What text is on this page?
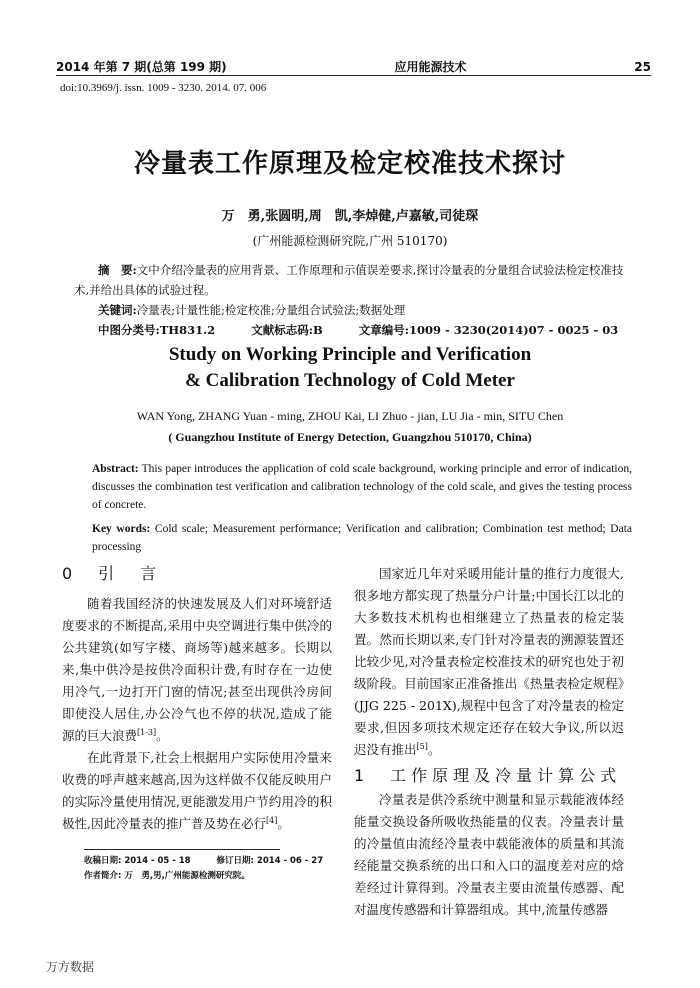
2014 年第 7 期(总第 199 期)	应用能源技术	25
doi:10.3969/j. issn. 1009 - 3230. 2014. 07. 006
冷量表工作原理及检定校准技术探讨
万　勇,张圆明,周　凯,李焯健,卢嘉敏,司徒琛
(广州能源检测研究院,广州 510170)
摘　要:文中介绍冷量表的应用背景、工作原理和示值误差要求,探讨冷量表的分量组合试验法检定校准技术,并给出具体的试验过程。
关键词:冷量表;计量性能;检定校准;分量组合试验法;数据处理
中图分类号:TH831.2	文献标志码:B	文章编号:1009 - 3230(2014)07 - 0025 - 03
Study on Working Principle and Verification
& Calibration Technology of Cold Meter
WAN Yong, ZHANG Yuan - ming, ZHOU Kai, LI Zhuo - jian, LU Jia - min, SITU Chen
( Guangzhou Institute of Energy Detection, Guangzhou 510170, China)
Abstract: This paper introduces the application of cold scale background, working principle and error of indication, discusses the combination test verification and calibration technology of the cold scale, and gives the testing process of concrete.
Key words: Cold scale; Measurement performance; Verification and calibration; Combination test method; Data processing
0　引　言

随着我国经济的快速发展及人们对环境舒适度要求的不断提高,采用中央空调进行集中供冷的公共建筑(如写字楼、商场等)越来越多。长期以来,集中供冷是按供冷面积计费,有时存在一边使用冷气,一边打开门窗的情况;甚至出现供冷房间即使没人居住,办公冷气也不停的状况,造成了能源的巨大浪费[1-3]。

在此背景下,社会上根据用户实际使用冷量来收费的呼声越来越高,因为这样做不仅能反映用户的实际冷量使用情况,更能激发用户节约用冷的积极性,因此冷量表的推广普及势在必行[4]。

国家近几年对采暖用能计量的推行力度很大,很多地方都实现了热量分户计量;中国长江以北的大多数技术机构也相继建立了热量表的检定装置。然而长期以来,专门针对冷量表的溯源装置还比较少见,对冷量表检定校准技术的研究也处于初级阶段。目前国家正准备推出《热量表检定规程》(JJG 225 - 201X),规程中包含了对冷量表的检定要求,但因多项技术规定还存在较大争议,所以迟迟没有推出[5]。

1　工作原理及冷量计算公式

冷量表是供冷系统中测量和显示载能液体经能量交换设备所吸收热能量的仪表。冷量表计量的冷量值由流经冷量表中载能液体的质量和其流经能量交换系统的出口和入口的温度差对应的焓差经过计算得到。冷量表主要由流量传感器、配对温度传感器和计算器组成。其中,流量传感器

收稿日期: 2014 - 05 - 18	修订日期: 2014 - 06 - 27
作者简介: 万　勇,男,广州能源检测研究院。
万方数据
